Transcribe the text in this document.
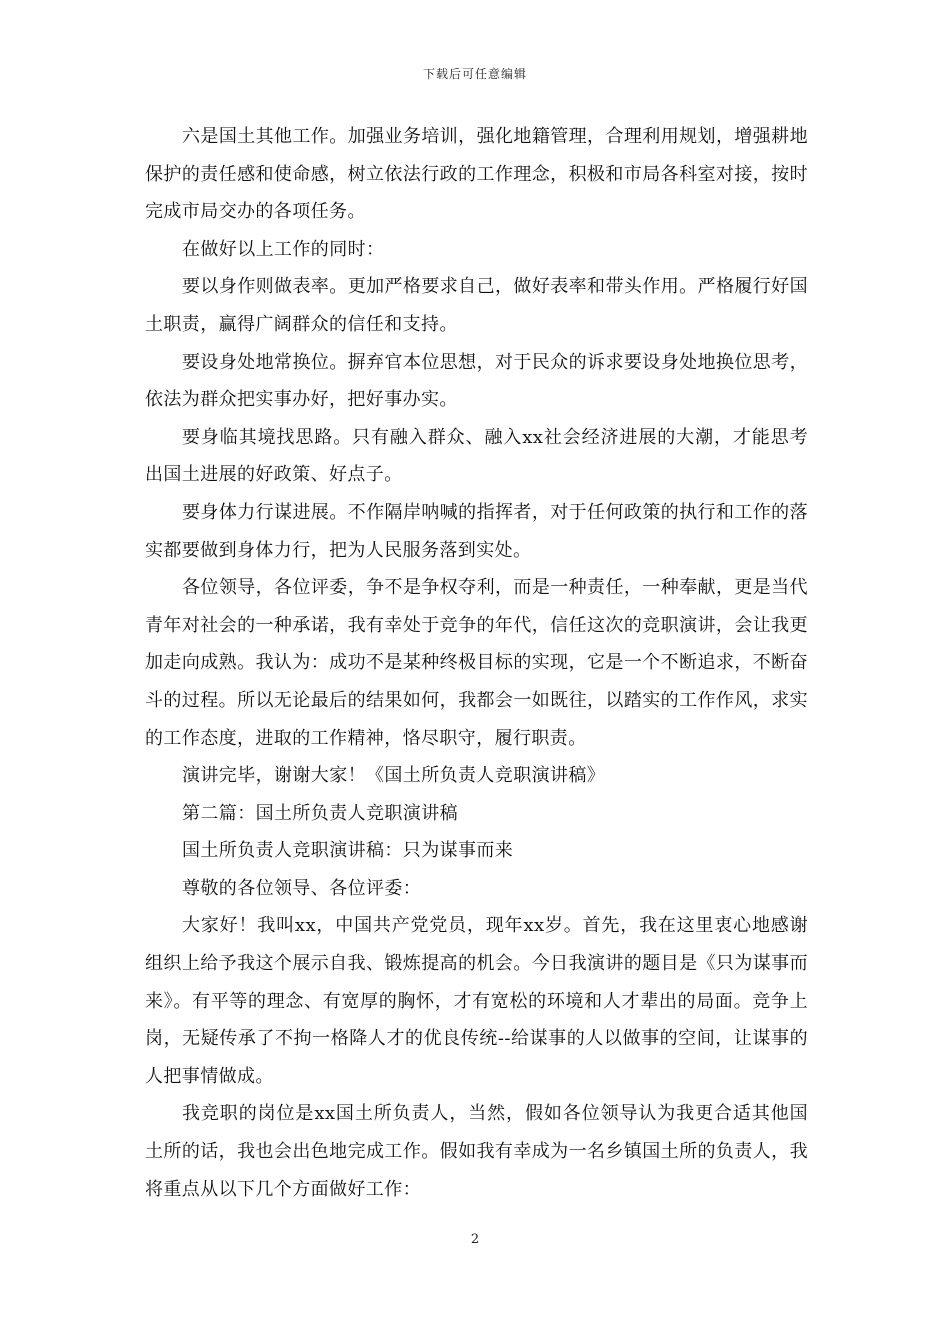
下载后可任意编辑

六是国土其他工作。加强业务培训，强化地籍管理，合理利用规划，增强耕地保护的责任感和使命感，树立依法行政的工作理念，积极和市局各科室对接，按时完成市局交办的各项任务。

在做好以上工作的同时：

要以身作则做表率。更加严格要求自己，做好表率和带头作用。严格履行好国土职责，赢得广阔群众的信任和支持。

要设身处地常换位。摒弃官本位思想，对于民众的诉求要设身处地换位思考，依法为群众把实事办好，把好事办实。

要身临其境找思路。只有融入群众、融入xx社会经济进展的大潮，才能思考出国土进展的好政策、好点子。

要身体力行谋进展。不作隔岸呐喊的指挥者，对于任何政策的执行和工作的落实都要做到身体力行，把为人民服务落到实处。

各位领导，各位评委，争不是争权夺利，而是一种责任，一种奉献，更是当代青年对社会的一种承诺，我有幸处于竞争的年代，信任这次的竞职演讲，会让我更加走向成熟。我认为：成功不是某种终极目标的实现，它是一个不断追求，不断奋斗的过程。所以无论最后的结果如何，我都会一如既往，以踏实的工作作风，求实的工作态度，进取的工作精神，恪尽职守，履行职责。

演讲完毕，谢谢大家！《国土所负责人竞职演讲稿》

第二篇：国土所负责人竞职演讲稿

国土所负责人竞职演讲稿：只为谋事而来

尊敬的各位领导、各位评委：

大家好！我叫xx，中国共产党党员，现年xx岁。首先，我在这里衷心地感谢组织上给予我这个展示自我、锻炼提高的机会。今日我演讲的题目是《只为谋事而来》。有平等的理念、有宽厚的胸怀，才有宽松的环境和人才辈出的局面。竞争上岗，无疑传承了不拘一格降人才的优良传统--给谋事的人以做事的空间，让谋事的人把事情做成。

我竞职的岗位是xx国土所负责人，当然，假如各位领导认为我更合适其他国土所的话，我也会出色地完成工作。假如我有幸成为一名乡镇国土所的负责人，我将重点从以下几个方面做好工作：

2
